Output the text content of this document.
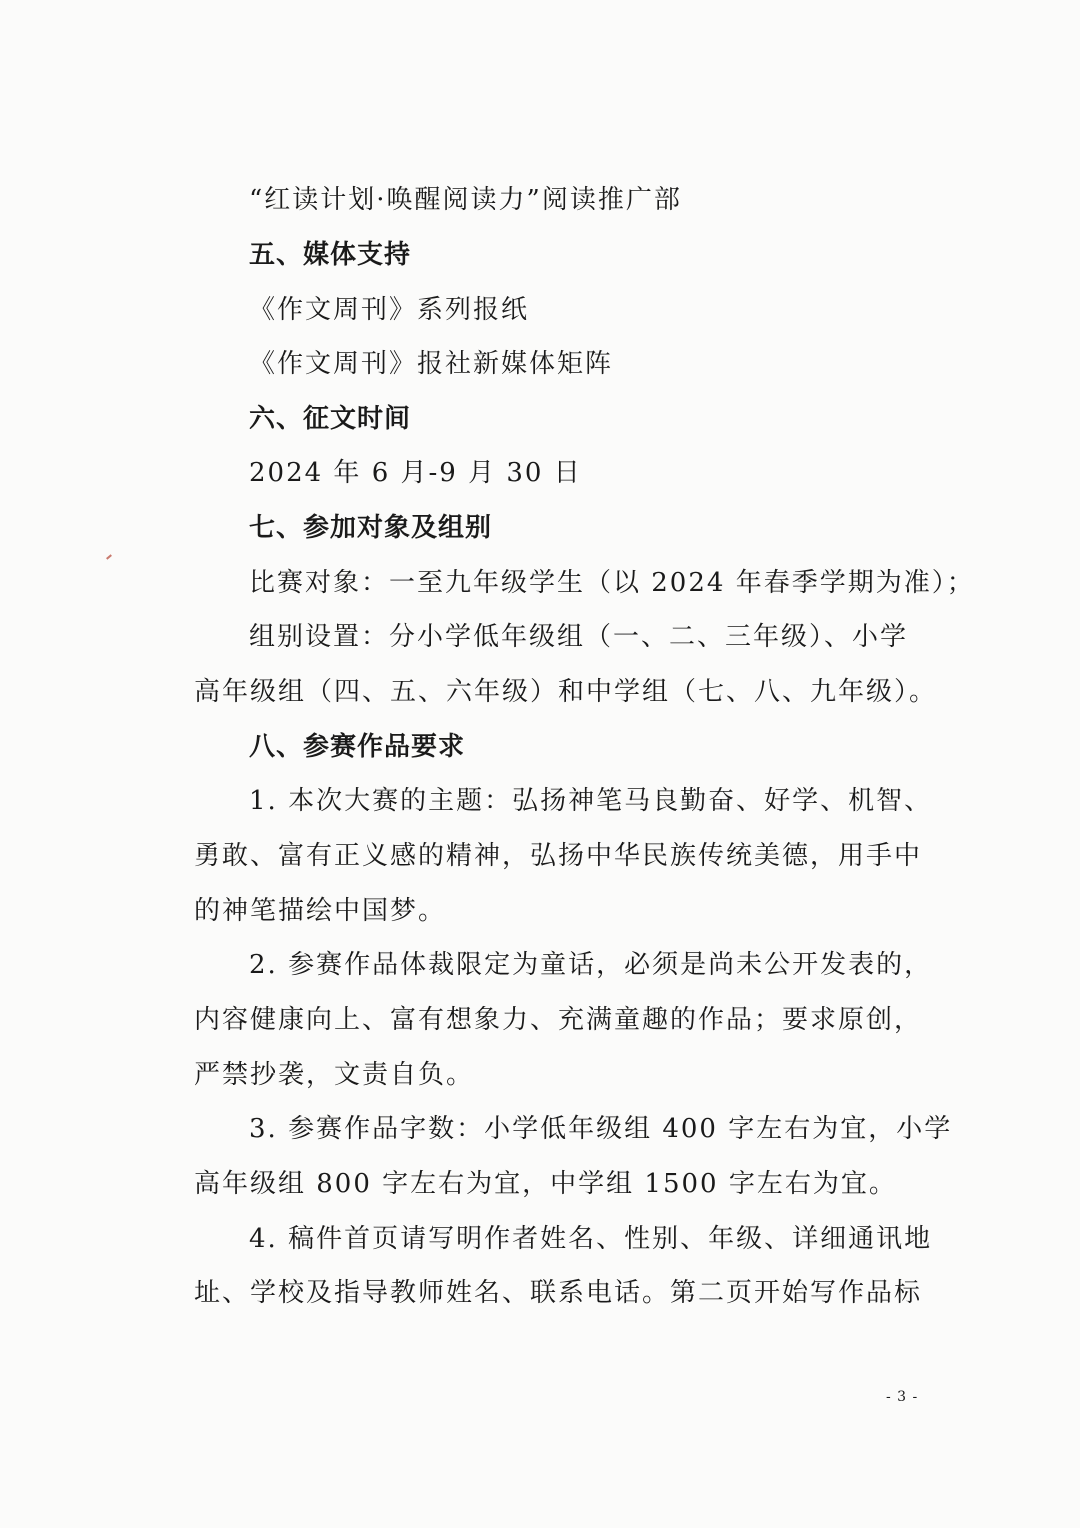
“红读计划·唤醒阅读力”阅读推广部
五、媒体支持
《作文周刊》系列报纸
《作文周刊》报社新媒体矩阵
六、征文时间
2024 年 6 月-9 月 30 日
七、参加对象及组别
比赛对象：一至九年级学生（以 2024 年春季学期为准）；
组别设置：分小学低年级组（一、二、三年级）、小学
高年级组（四、五、六年级）和中学组（七、八、九年级）。
八、参赛作品要求
1. 本次大赛的主题：弘扬神笔马良勤奋、好学、机智、
勇敢、富有正义感的精神，弘扬中华民族传统美德，用手中
的神笔描绘中国梦。
2. 参赛作品体裁限定为童话，必须是尚未公开发表的，
内容健康向上、富有想象力、充满童趣的作品；要求原创，
严禁抄袭，文责自负。
3. 参赛作品字数：小学低年级组 400 字左右为宜，小学
高年级组 800 字左右为宜，中学组 1500 字左右为宜。
4. 稿件首页请写明作者姓名、性别、年级、详细通讯地
址、学校及指导教师姓名、联系电话。第二页开始写作品标
- 3 -
